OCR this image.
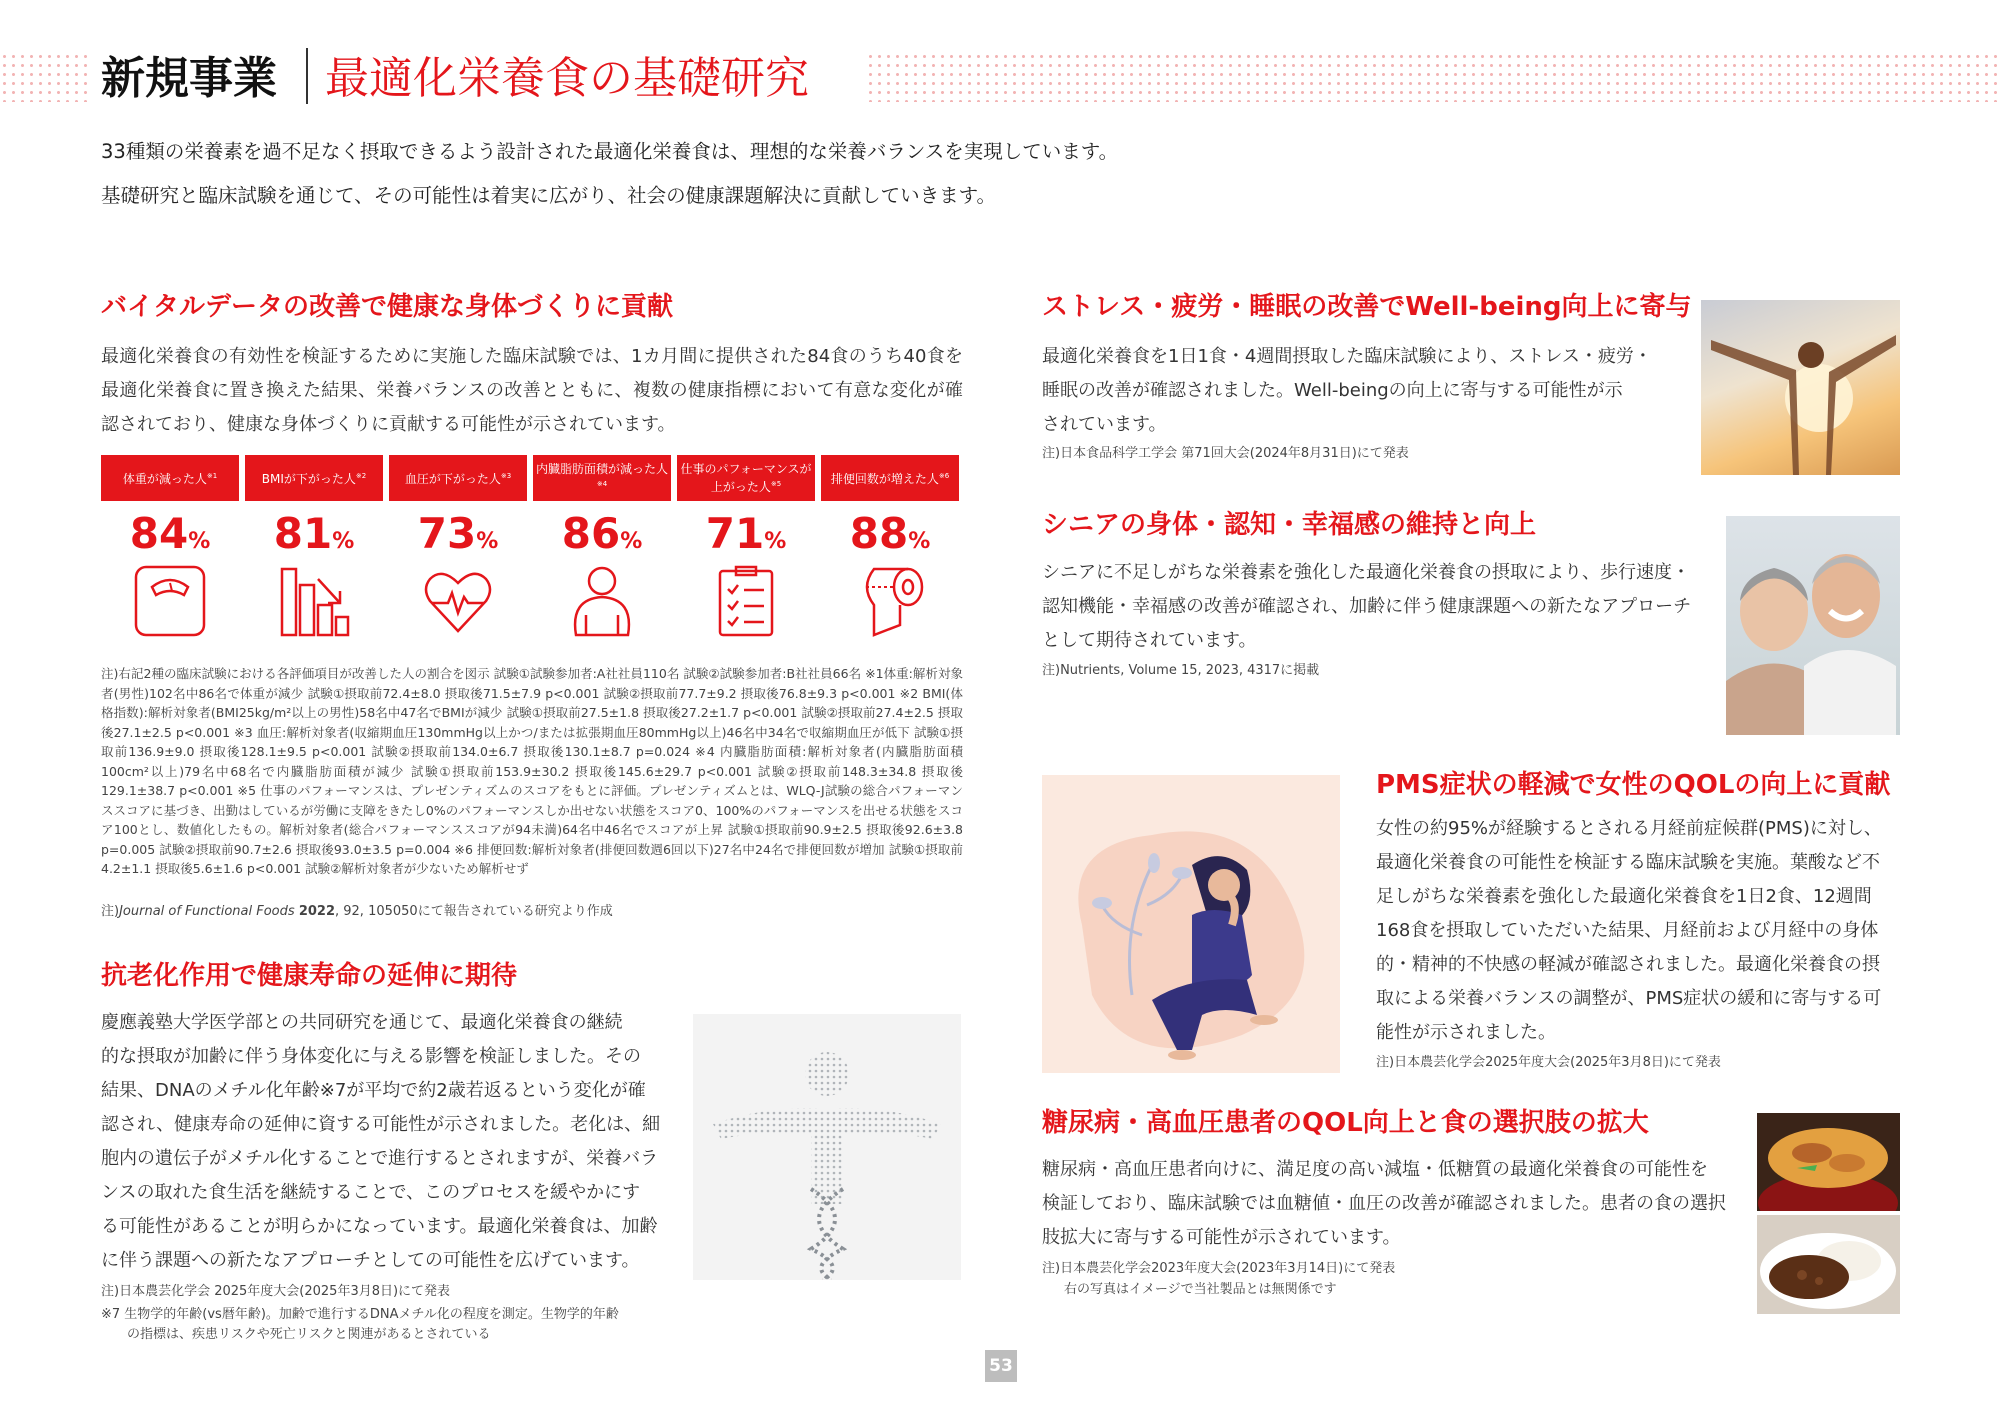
新規事業 最適化栄養食の基礎研究
33種類の栄養素を過不足なく摂取できるよう設計された最適化栄養食は、理想的な栄養バランスを実現しています。
基礎研究と臨床試験を通じて、その可能性は着実に広がり、社会の健康課題解決に貢献していきます。
バイタルデータの改善で健康な身体づくりに貢献
最適化栄養食の有効性を検証するために実施した臨床試験では、1カ月間に提供された84食のうち40食を最適化栄養食に置き換えた結果、栄養バランスの改善とともに、複数の健康指標において有意な変化が確認されており、健康な身体づくりに貢献する可能性が示されています。
体重が減った人$^{※1}$
84%
BMIが下がった人$^{※2}$
81%
血圧が下がった人$^{※3}$
73%
内臓脂肪面積が減った人$^{※4}$
86%
仕事のパフォーマンスが上がった人$^{※5}$
71%
排便回数が増えた人$^{※6}$
88%
注)右記2種の臨床試験における各評価項目が改善した人の割合を図示 試験①試験参加者:A社社員110名 試験②試験参加者:B社社員66名 ※1体重:解析対象者(男性)102名中86名で体重が減少 試験①摂取前72.4±8.0 摂取後71.5±7.9 p<0.001 試験②摂取前77.7±9.2 摂取後76.8±9.3 p<0.001 ※2 BMI(体格指数):解析対象者(BMI25kg/m²以上の男性)58名中47名でBMIが減少 試験①摂取前27.5±1.8 摂取後27.2±1.7 p<0.001 試験②摂取前27.4±2.5 摂取後27.1±2.5 p<0.001 ※3 血圧:解析対象者(収縮期血圧130mmHg以上かつ/または拡張期血圧80mmHg以上)46名中34名で収縮期血圧が低下 試験①摂取前136.9±9.0 摂取後128.1±9.5 p<0.001 試験②摂取前134.0±6.7 摂取後130.1±8.7 p=0.024 ※4 内臓脂肪面積:解析対象者(内臓脂肪面積100cm²以上)79名中68名で内臓脂肪面積が減少 試験①摂取前153.9±30.2 摂取後145.6±29.7 p<0.001 試験②摂取前148.3±34.8 摂取後129.1±38.7 p<0.001 ※5 仕事のパフォーマンスは、プレゼンティズムのスコアをもとに評価。プレゼンティズムとは、WLQ-J試験の総合パフォーマンススコアに基づき、出勤はしているが労働に支障をきたし0%のパフォーマンスしか出せない状態をスコア0、100%のパフォーマンスを出せる状態をスコア100とし、数値化したもの。解析対象者(総合パフォーマンススコアが94未満)64名中46名でスコアが上昇 試験①摂取前90.9±2.5 摂取後92.6±3.8 p=0.005 試験②摂取前90.7±2.6 摂取後93.0±3.5 p=0.004 ※6 排便回数:解析対象者(排便回数週6回以下)27名中24名で排便回数が増加 試験①摂取前4.2±1.1 摂取後5.6±1.6 p<0.001 試験②解析対象者が少ないため解析せず
注)Journal of Functional Foods 2022, 92, 105050にて報告されている研究より作成
抗老化作用で健康寿命の延伸に期待
慶應義塾大学医学部との共同研究を通じて、最適化栄養食の継続
的な摂取が加齢に伴う身体変化に与える影響を検証しました。その
結果、DNAのメチル化年齢※7が平均で約2歳若返るという変化が確
認され、健康寿命の延伸に資する可能性が示されました。老化は、細
胞内の遺伝子がメチル化することで進行するとされますが、栄養バラ
ンスの取れた食生活を継続することで、このプロセスを緩やかにす
る可能性があることが明らかになっています。最適化栄養食は、加齢
に伴う課題への新たなアプローチとしての可能性を広げています。
注)日本農芸化学会 2025年度大会(2025年3月8日)にて発表
※7 生物学的年齢(vs暦年齢)。加齢で進行するDNAメチル化の程度を測定。生物学的年齢
の指標は、疾患リスクや死亡リスクと関連があるとされている
ストレス・疲労・睡眠の改善でWell-being向上に寄与
最適化栄養食を1日1食・4週間摂取した臨床試験により、ストレス・疲労・
睡眠の改善が確認されました。Well-beingの向上に寄与する可能性が示
されています。
注)日本食品科学工学会 第71回大会(2024年8月31日)にて発表
シニアの身体・認知・幸福感の維持と向上
シニアに不足しがちな栄養素を強化した最適化栄養食の摂取により、歩行速度・
認知機能・幸福感の改善が確認され、加齢に伴う健康課題への新たなアプローチ
として期待されています。
注)Nutrients, Volume 15, 2023, 4317に掲載
PMS症状の軽減で女性のQOLの向上に貢献
女性の約95%が経験するとされる月経前症候群(PMS)に対し、
最適化栄養食の可能性を検証する臨床試験を実施。葉酸など不
足しがちな栄養素を強化した最適化栄養食を1日2食、12週間
168食を摂取していただいた結果、月経前および月経中の身体
的・精神的不快感の軽減が確認されました。最適化栄養食の摂
取による栄養バランスの調整が、PMS症状の緩和に寄与する可
能性が示されました。
注)日本農芸化学会2025年度大会(2025年3月8日)にて発表
糖尿病・高血圧患者のQOL向上と食の選択肢の拡大
糖尿病・高血圧患者向けに、満足度の高い減塩・低糖質の最適化栄養食の可能性を
検証しており、臨床試験では血糖値・血圧の改善が確認されました。患者の食の選択
肢拡大に寄与する可能性が示されています。
注)日本農芸化学会2023年度大会(2023年3月14日)にて発表
右の写真はイメージで当社製品とは無関係です
53
